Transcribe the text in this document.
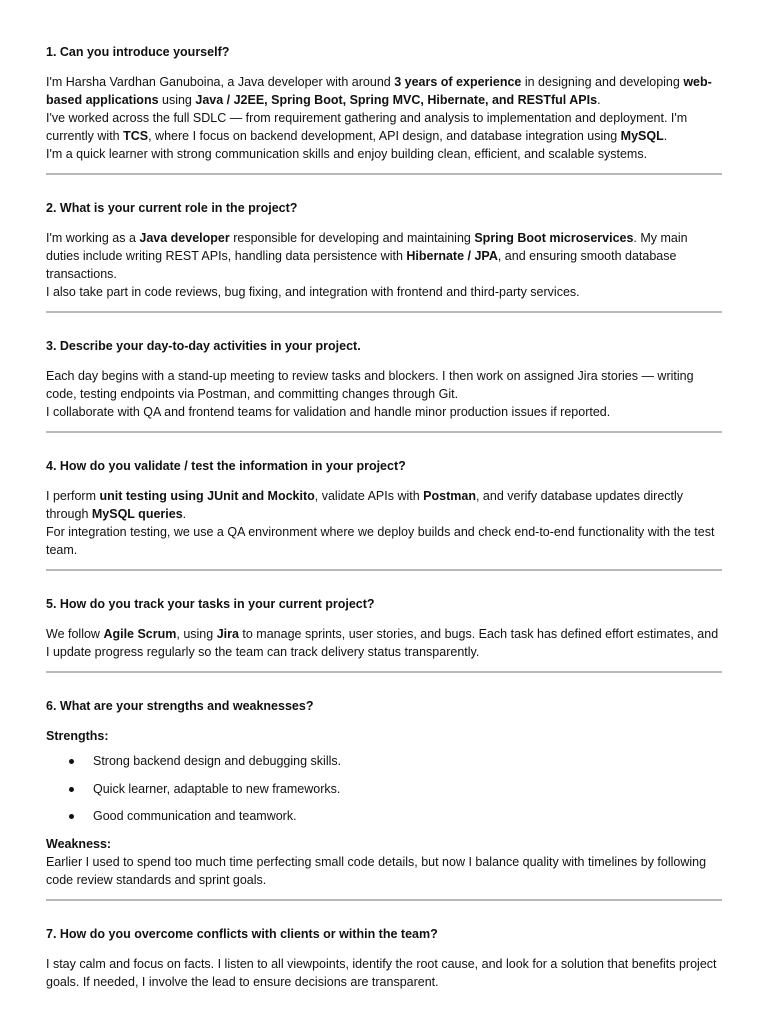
1. Can you introduce yourself?

I'm Harsha Vardhan Ganuboina, a Java developer with around 3 years of experience in designing and developing web-based applications using Java / J2EE, Spring Boot, Spring MVC, Hibernate, and RESTful APIs.

I've worked across the full SDLC — from requirement gathering and analysis to implementation and deployment. I'm currently with TCS, where I focus on backend development, API design, and database integration using MySQL.

I'm a quick learner with strong communication skills and enjoy building clean, efficient, and scalable systems.

2. What is your current role in the project?

I'm working as a Java developer responsible for developing and maintaining Spring Boot microservices. My main duties include writing REST APIs, handling data persistence with Hibernate / JPA, and ensuring smooth database transactions.

I also take part in code reviews, bug fixing, and integration with frontend and third-party services.

3. Describe your day-to-day activities in your project.

Each day begins with a stand-up meeting to review tasks and blockers. I then work on assigned Jira stories — writing code, testing endpoints via Postman, and committing changes through Git.

I collaborate with QA and frontend teams for validation and handle minor production issues if reported.

4. How do you validate / test the information in your project?

I perform unit testing using JUnit and Mockito, validate APIs with Postman, and verify database updates directly through MySQL queries.

For integration testing, we use a QA environment where we deploy builds and check end-to-end functionality with the test team.

5. How do you track your tasks in your current project?

We follow Agile Scrum, using Jira to manage sprints, user stories, and bugs. Each task has defined effort estimates, and I update progress regularly so the team can track delivery status transparently.

6. What are your strengths and weaknesses?
Strengths:
Strong backend design and debugging skills.
Quick learner, adaptable to new frameworks.
Good communication and teamwork.
Weakness:

Earlier I used to spend too much time perfecting small code details, but now I balance quality with timelines by following code review standards and sprint goals.

7. How do you overcome conflicts with clients or within the team?

I stay calm and focus on facts. I listen to all viewpoints, identify the root cause, and look for a solution that benefits project goals. If needed, I involve the lead to ensure decisions are transparent.
